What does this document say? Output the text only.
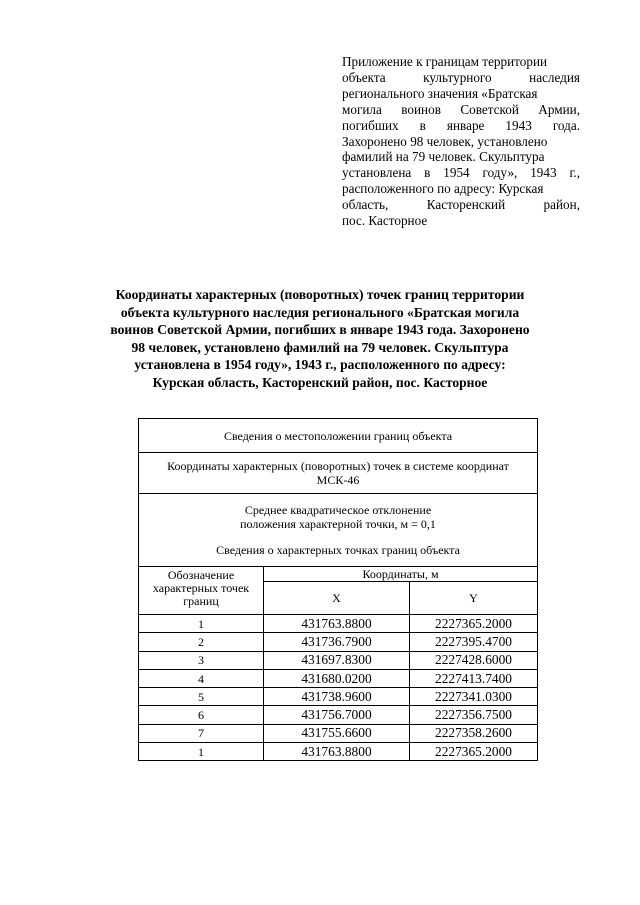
Приложение к границам территории
объекта культурного наследия
регионального значения «Братская
могила воинов Советской Армии,
погибших в январе 1943 года.
Захоронено 98 человек, установлено
фамилий на 79 человек. Скульптура
установлена в 1954 году», 1943 г.,
расположенного по адресу: Курская
область, Касторенский район,
пос. Касторное
Координаты характерных (поворотных) точек границ территории
объекта культурного наследия регионального «Братская могила
воинов Советской Армии, погибших в январе 1943 года. Захоронено
98 человек, установлено фамилий на 79 человек. Скульптура
установлена в 1954 году», 1943 г., расположенного по адресу:
Курская область, Касторенский район, пос. Касторное
Сведения о местоположении границ объекта		
Координаты характерных (поворотных) точек в системе координат
МСК-46		
Среднее квадратическое отклонение
положения характерной точки, м = 0,1
Сведения о характерных точках границ объекта		
Обозначение
характерных точек
границ	Координаты, м	
	X	Y
1	431763.8800	2227365.2000
2	431736.7900	2227395.4700
3	431697.8300	2227428.6000
4	431680.0200	2227413.7400
5	431738.9600	2227341.0300
6	431756.7000	2227356.7500
7	431755.6600	2227358.2600
1	431763.8800	2227365.2000
